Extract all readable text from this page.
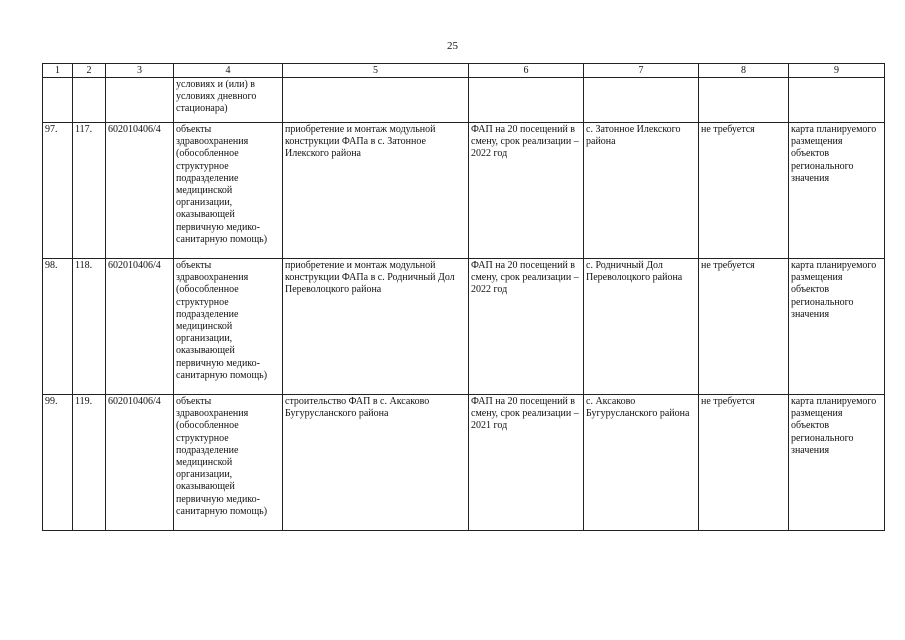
25
1	2	3	4	5	6	7	8	9
			условиях и (или) в условиях дневного стационара)					
97.	117.	602010406/4	объекты здравоохранения (обособленное структурное подразделение медицинской организации, оказывающей первичную медико-санитарную помощь)	приобретение и монтаж модульной конструкции ФАПа в с. Затонное Илекского района	ФАП на 20 посещений в смену, срок реализации – 2022 год	с. Затонное Илекского района	не требуется	карта планируемого размещения объектов регионального значения
98.	118.	602010406/4	объекты здравоохранения (обособленное структурное подразделение медицинской организации, оказывающей первичную медико-санитарную помощь)	приобретение и монтаж модульной конструкции ФАПа в с. Родничный Дол Переволоцкого района	ФАП на 20 посещений в смену, срок реализации – 2022 год	с. Родничный Дол Переволоцкого района	не требуется	карта планируемого размещения объектов регионального значения
99.	119.	602010406/4	объекты здравоохранения (обособленное структурное подразделение медицинской организации, оказывающей первичную медико-санитарную помощь)	строительство ФАП в с. Аксаково Бугурусланского района	ФАП на 20 посещений в смену, срок реализации – 2021 год	с. Аксаково Бугурусланского района	не требуется	карта планируемого размещения объектов регионального значения
